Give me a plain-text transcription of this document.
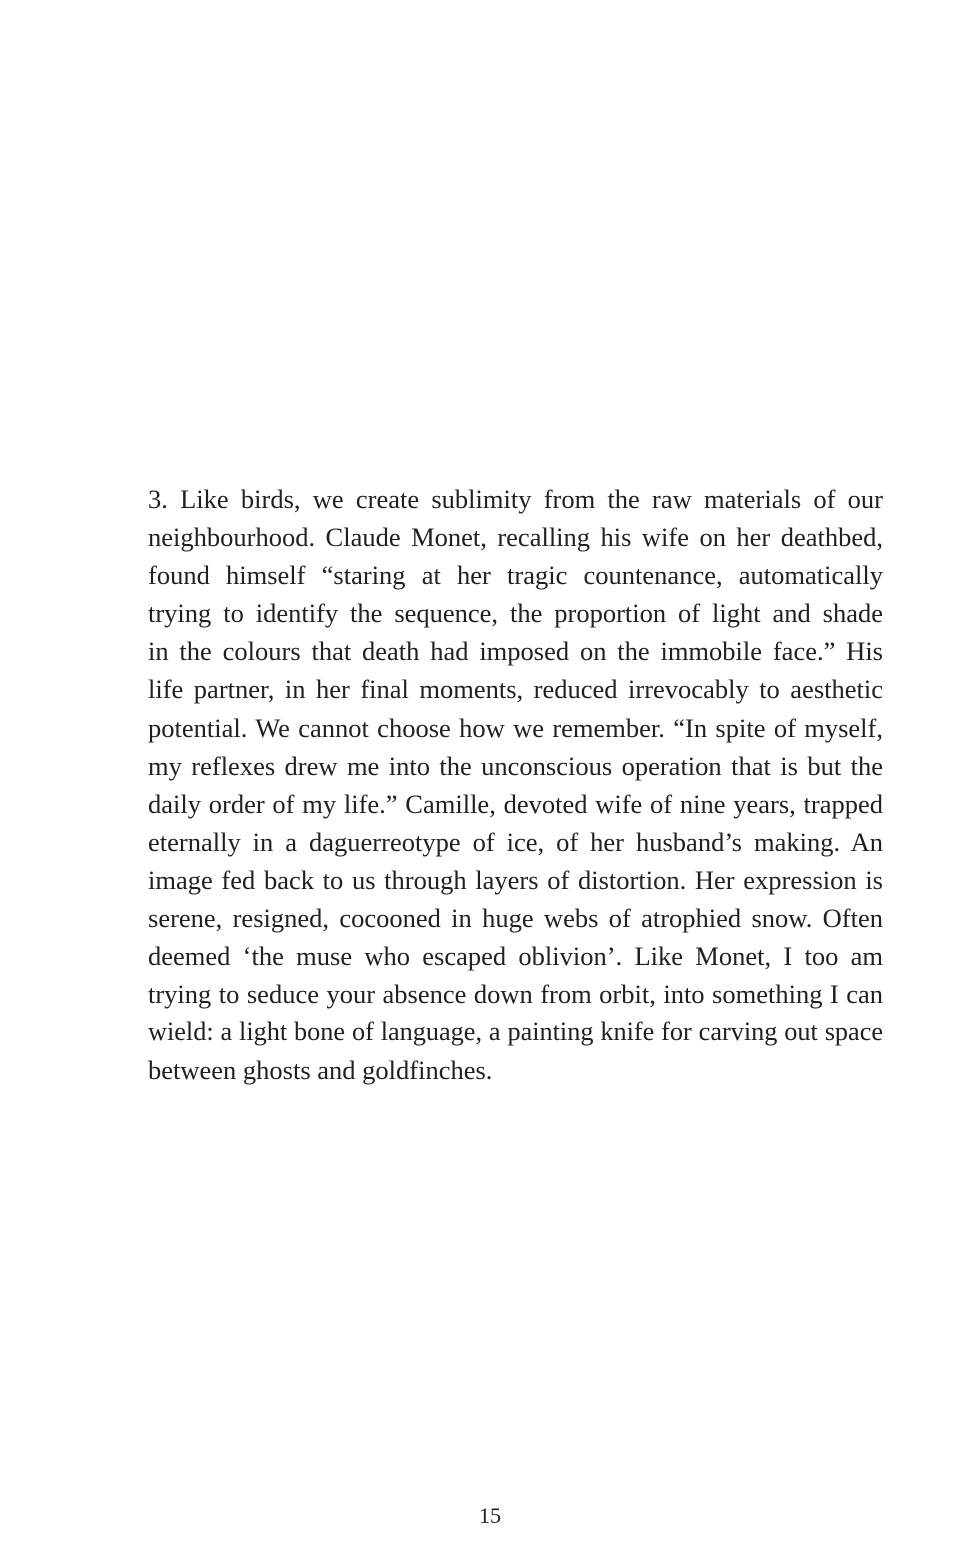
3. Like birds, we create sublimity from the raw materials of our
neighbourhood. Claude Monet, recalling his wife on her deathbed,
found himself “staring at her tragic countenance, automatically
trying to identify the sequence, the proportion of light and shade
in the colours that death had imposed on the immobile face.” His
life partner, in her final moments, reduced irrevocably to aesthetic
potential. We cannot choose how we remember. “In spite of myself,
my reflexes drew me into the unconscious operation that is but the
daily order of my life.” Camille, devoted wife of nine years, trapped
eternally in a daguerreotype of ice, of her husband’s making. An
image fed back to us through layers of distortion. Her expression is
serene, resigned, cocooned in huge webs of atrophied snow. Often
deemed ‘the muse who escaped oblivion’. Like Monet, I too am
trying to seduce your absence down from orbit, into something I can
wield: a light bone of language, a painting knife for carving out space
between ghosts and goldfinches.
15
